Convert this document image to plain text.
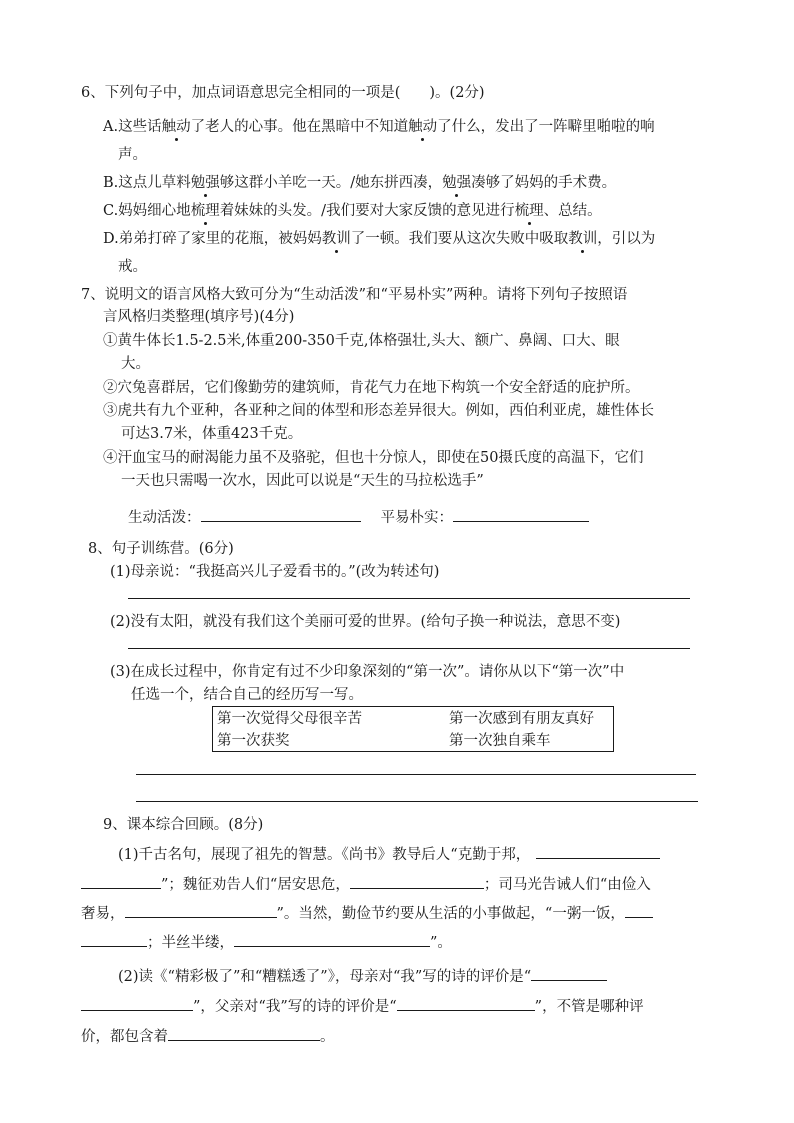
6、下列句子中，加点词语意思完全相同的一项是(　　)。(2分)
A.这些话触动了老人的心事。他在黑暗中不知道触动了什么，发出了一阵噼里啪啦的响
声。
B.这点儿草料勉强够这群小羊吃一天。/她东拼西凑，勉强凑够了妈妈的手术费。
C.妈妈细心地梳理着妹妹的头发。/我们要对大家反馈的意见进行梳理、总结。
D.弟弟打碎了家里的花瓶，被妈妈教训了一顿。我们要从这次失败中吸取教训，引以为
戒。
7、说明文的语言风格大致可分为“生动活泼”和“平易朴实”两种。请将下列句子按照语
言风格归类整理(填序号)(4分)
①黄牛体长1.5-2.5米,体重200-350千克,体格强壮,头大、额广、鼻阔、口大、眼
大。
②穴兔喜群居，它们像勤劳的建筑师，肯花气力在地下构筑一个安全舒适的庇护所。
③虎共有九个亚种，各亚种之间的体型和形态差异很大。例如，西伯利亚虎，雄性体长
可达3.7米，体重423千克。
④汗血宝马的耐渴能力虽不及骆驼，但也十分惊人，即使在50摄氏度的高温下，它们
一天也只需喝一次水，因此可以说是“天生的马拉松选手”
生动活泼：	平易朴实：
8、句子训练营。(6分)
(1)母亲说：“我挺高兴儿子爱看书的。”(改为转述句)
(2)没有太阳，就没有我们这个美丽可爱的世界。(给句子换一种说法，意思不变)
(3)在成长过程中，你肯定有过不少印象深刻的“第一次”。请你从以下“第一次”中
任选一个，结合自己的经历写一写。
第一次觉得父母很辛苦	第一次感到有朋友真好
第一次获奖	第一次独自乘车
9、课本综合回顾。(8分)
(1)千古名句，展现了祖先的智慧。《尚书》教导后人“克勤于邦，
”；魏征劝告人们“居安思危，	；司马光告诫人们“由俭入
奢易，	”。当然，勤俭节约要从生活的小事做起，“一粥一饭，
；半丝半缕，	”。
(2)读《“精彩极了”和“糟糕透了”》，母亲对“我”写的诗的评价是“
”，父亲对“我”写的诗的评价是“	”，不管是哪种评
价，都包含着	。
